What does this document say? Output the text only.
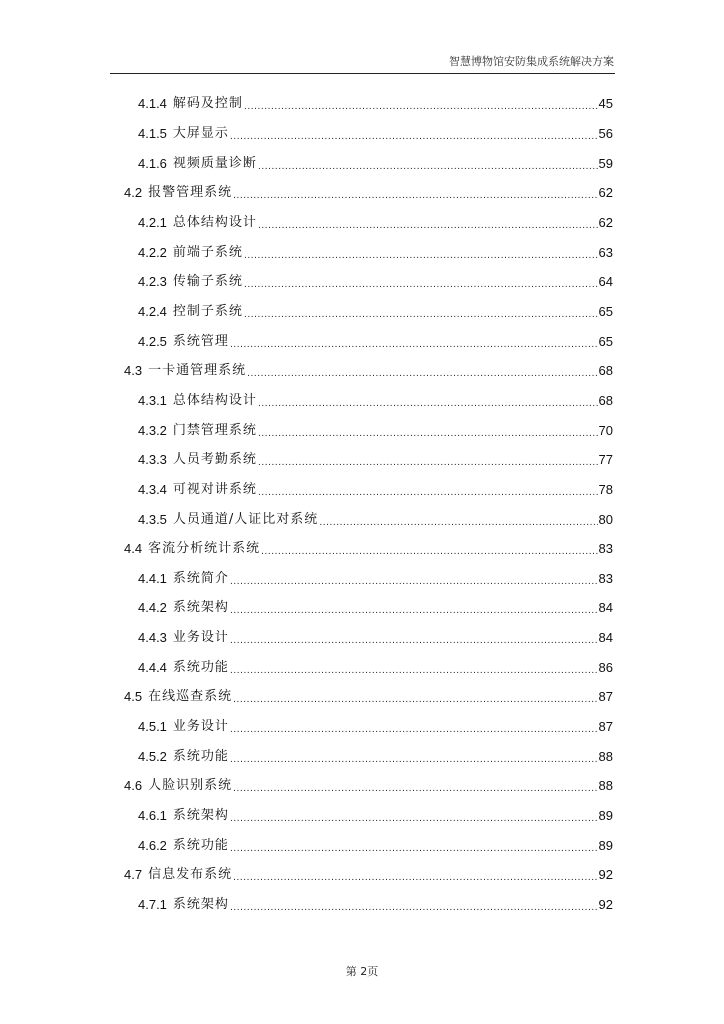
智慧博物馆安防集成系统解决方案
4.1.4 解码及控制 .....	45
4.1.5 大屏显示 .....	56
4.1.6 视频质量诊断 .....	59
4.2 报警管理系统 .....	62
4.2.1 总体结构设计 .....	62
4.2.2 前端子系统 .....	63
4.2.3 传输子系统 .....	64
4.2.4 控制子系统 .....	65
4.2.5 系统管理 .....	65
4.3 一卡通管理系统 .....	68
4.3.1 总体结构设计 .....	68
4.3.2 门禁管理系统 .....	70
4.3.3 人员考勤系统 .....	77
4.3.4 可视对讲系统 .....	78
4.3.5 人员通道/人证比对系统 .....	80
4.4 客流分析统计系统 .....	83
4.4.1 系统简介 .....	83
4.4.2 系统架构 .....	84
4.4.3 业务设计 .....	84
4.4.4 系统功能 .....	86
4.5 在线巡查系统 .....	87
4.5.1 业务设计 .....	87
4.5.2 系统功能 .....	88
4.6 人脸识别系统 .....	88
4.6.1 系统架构 .....	89
4.6.2 系统功能 .....	89
4.7 信息发布系统 .....	92
4.7.1 系统架构 .....	92
第 2页
